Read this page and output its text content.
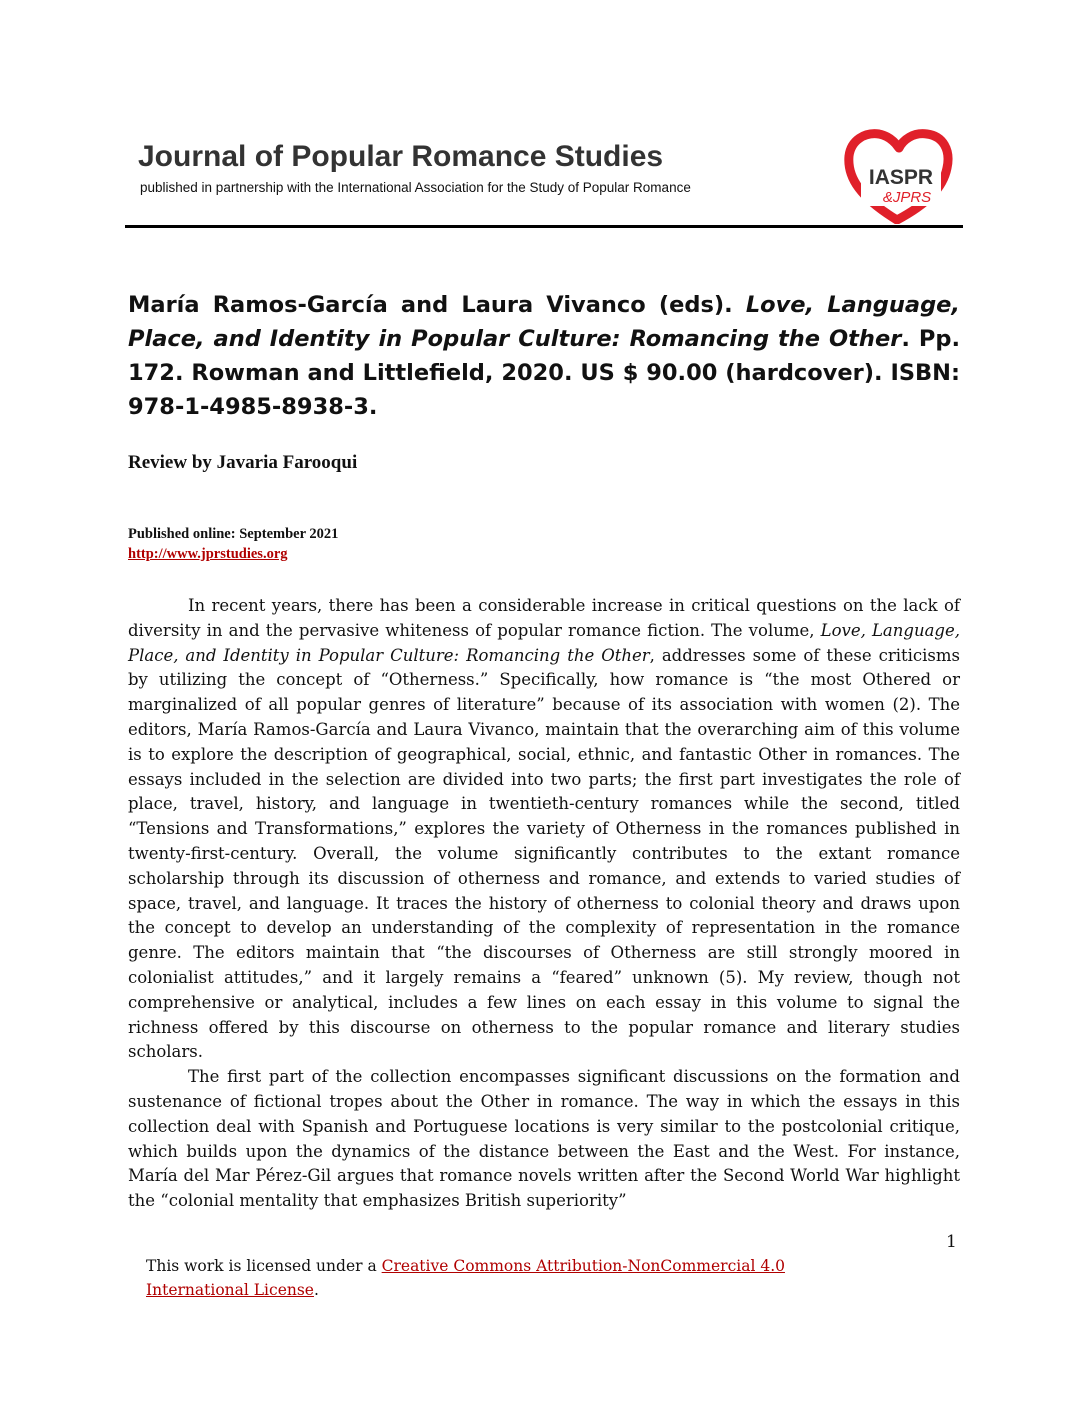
Journal of Popular Romance Studies
published in partnership with the International Association for the Study of Popular Romance	IASPR
&JPRS
María Ramos-García and Laura Vivanco (eds). Love, Language, Place, and Identity in Popular Culture: Romancing the Other. Pp. 172. Rowman and Littlefield, 2020. US $ 90.00 (hardcover). ISBN: 978-1-4985-8938-3.
Review by Javaria Farooqui
Published online: September 2021
http://www.jprstudies.org

In recent years, there has been a considerable increase in critical questions on the lack of diversity in and the pervasive whiteness of popular romance fiction. The volume, Love, Language, Place, and Identity in Popular Culture: Romancing the Other, addresses some of these criticisms by utilizing the concept of “Otherness.” Specifically, how romance is “the most Othered or marginalized of all popular genres of literature” because of its association with women (2). The editors, María Ramos-García and Laura Vivanco, maintain that the overarching aim of this volume is to explore the description of geographical, social, ethnic, and fantastic Other in romances. The essays included in the selection are divided into two parts; the first part investigates the role of place, travel, history, and language in twentieth-century romances while the second, titled “Tensions and Transformations,” explores the variety of Otherness in the romances published in twenty-first-century. Overall, the volume significantly contributes to the extant romance scholarship through its discussion of otherness and romance, and extends to varied studies of space, travel, and language. It traces the history of otherness to colonial theory and draws upon the concept to develop an understanding of the complexity of representation in the romance genre. The editors maintain that “the discourses of Otherness are still strongly moored in colonialist attitudes,” and it largely remains a “feared” unknown (5). My review, though not comprehensive or analytical, includes a few lines on each essay in this volume to signal the richness offered by this discourse on otherness to the popular romance and literary studies scholars.

The first part of the collection encompasses significant discussions on the formation and sustenance of fictional tropes about the Other in romance. The way in which the essays in this collection deal with Spanish and Portuguese locations is very similar to the postcolonial critique, which builds upon the dynamics of the distance between the East and the West. For instance, María del Mar Pérez-Gil argues that romance novels written after the Second World War highlight the “colonial mentality that emphasizes British superiority”

1
This work is licensed under a Creative Commons Attribution-NonCommercial 4.0 International License.
